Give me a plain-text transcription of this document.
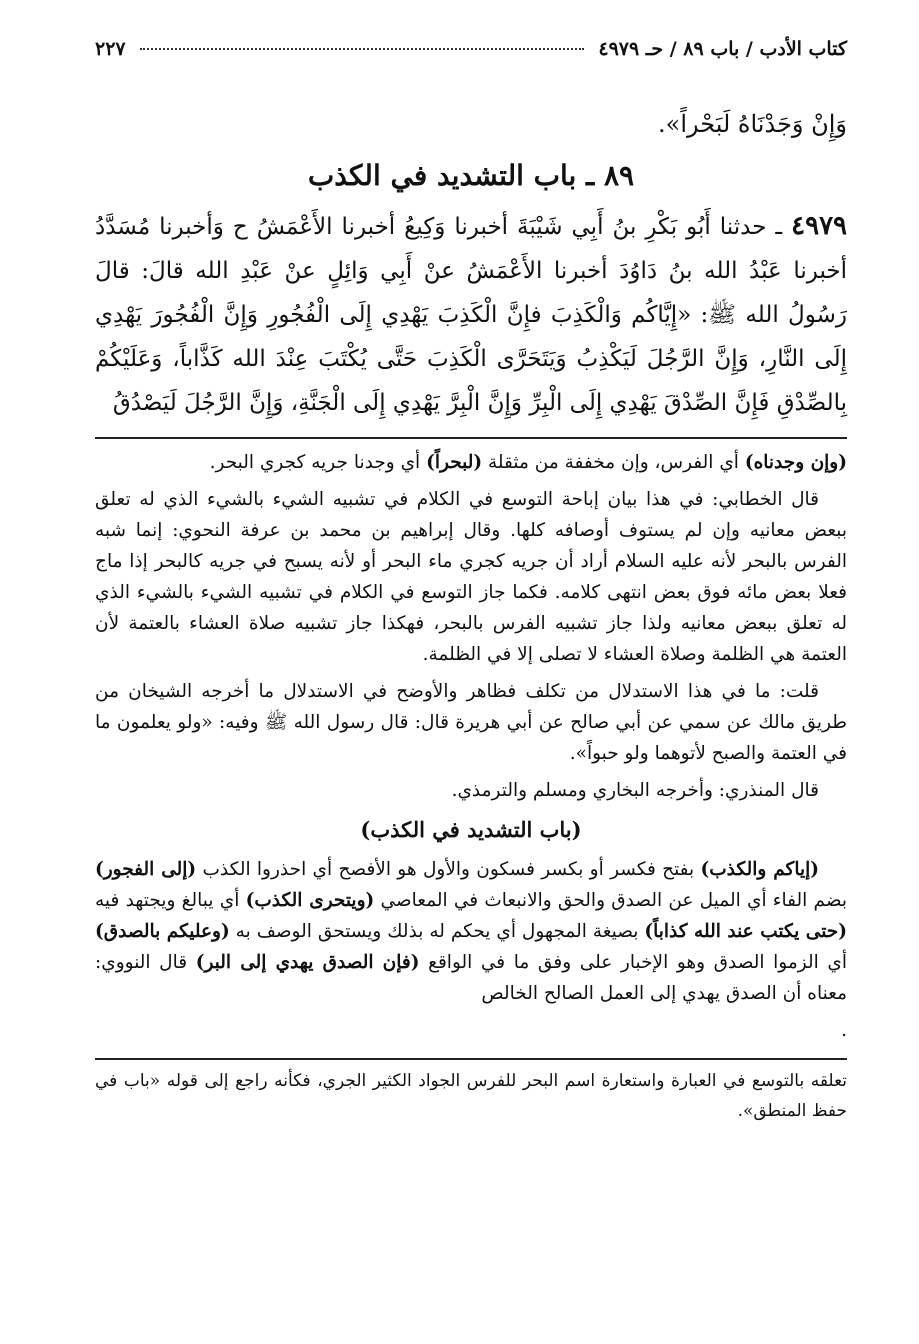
كتاب الأدب / باب ٨٩ / حـ ٤٩٧٩
٢٢٧
وَإِنْ وَجَدْنَاهُ لَبَحْراً».
٨٩ ـ باب التشديد في الكذب
٤٩٧٩ ـ حدثنا أَبُو بَكْرِ بنُ أَبِي شَيْبَةَ أخبرنا وَكِيعُ أخبرنا الأَعْمَشُ ح وَأخبرنا مُسَدَّدُ أخبرنا عَبْدُ الله بنُ دَاوُدَ أخبرنا الأَعْمَشُ عنْ أَبِي وَائِلٍ عنْ عَبْدِ الله قالَ: قالَ رَسُولُ الله ﷺ: «إِيَّاكُم وَالْكَذِبَ فإِنَّ الْكَذِبَ يَهْدِي إِلَى الْفُجُورِ وَإِنَّ الْفُجُورَ يَهْدِي إِلَى النَّارِ، وَإِنَّ الرَّجُلَ لَيَكْذِبُ وَيَتَحَرَّى الْكَذِبَ حَتَّى يُكْتَبَ عِنْدَ الله كَذَّاباً، وَعَلَيْكُمْ بِالصِّدْقِ فَإِنَّ الصِّدْقَ يَهْدِي إِلَى الْبِرِّ وَإِنَّ الْبِرَّ يَهْدِي إِلَى الْجَنَّةِ، وَإِنَّ الرَّجُلَ لَيَصْدُقُ

(وإن وجدناه) أي الفرس، وإن مخففة من مثقلة (لبحراً) أي وجدنا جريه كجري البحر.

قال الخطابي: في هذا بيان إباحة التوسع في الكلام في تشبيه الشيء بالشيء الذي له تعلق ببعض معانيه وإن لم يستوف أوصافه كلها. وقال إبراهيم بن محمد بن عرفة النحوي: إنما شبه الفرس بالبحر لأنه عليه السلام أراد أن جريه كجري ماء البحر أو لأنه يسبح في جريه كالبحر إذا ماج فعلا بعض مائه فوق بعض انتهى كلامه. فكما جاز التوسع في الكلام في تشبيه الشيء بالشيء الذي له تعلق ببعض معانيه ولذا جاز تشبيه الفرس بالبحر، فهكذا جاز تشبيه صلاة العشاء بالعتمة لأن العتمة هي الظلمة وصلاة العشاء لا تصلى إلا في الظلمة.

قلت: ما في هذا الاستدلال من تكلف فظاهر والأوضح في الاستدلال ما أخرجه الشيخان من طريق مالك عن سمي عن أبي صالح عن أبي هريرة قال: قال رسول الله ﷺ وفيه: «ولو يعلمون ما في العتمة والصبح لأتوهما ولو حبواً».

قال المنذري: وأخرجه البخاري ومسلم والترمذي.

(باب التشديد في الكذب)

(إياكم والكذب) بفتح فكسر أو بكسر فسكون والأول هو الأفصح أي احذروا الكذب (إلى الفجور) بضم الفاء أي الميل عن الصدق والحق والانبعاث في المعاصي (ويتحرى الكذب) أي يبالغ ويجتهد فيه (حتى يكتب عند الله كذاباً) بصيغة المجهول أي يحكم له بذلك ويستحق الوصف به (وعليكم بالصدق) أي الزموا الصدق وهو الإخبار على وفق ما في الواقع (فإن الصدق يهدي إلى البر) قال النووي: معناه أن الصدق يهدي إلى العمل الصالح الخالص

.

تعلقه بالتوسع في العبارة واستعارة اسم البحر للفرس الجواد الكثير الجري، فكأنه راجع إلى قوله «باب في حفظ المنطق».
